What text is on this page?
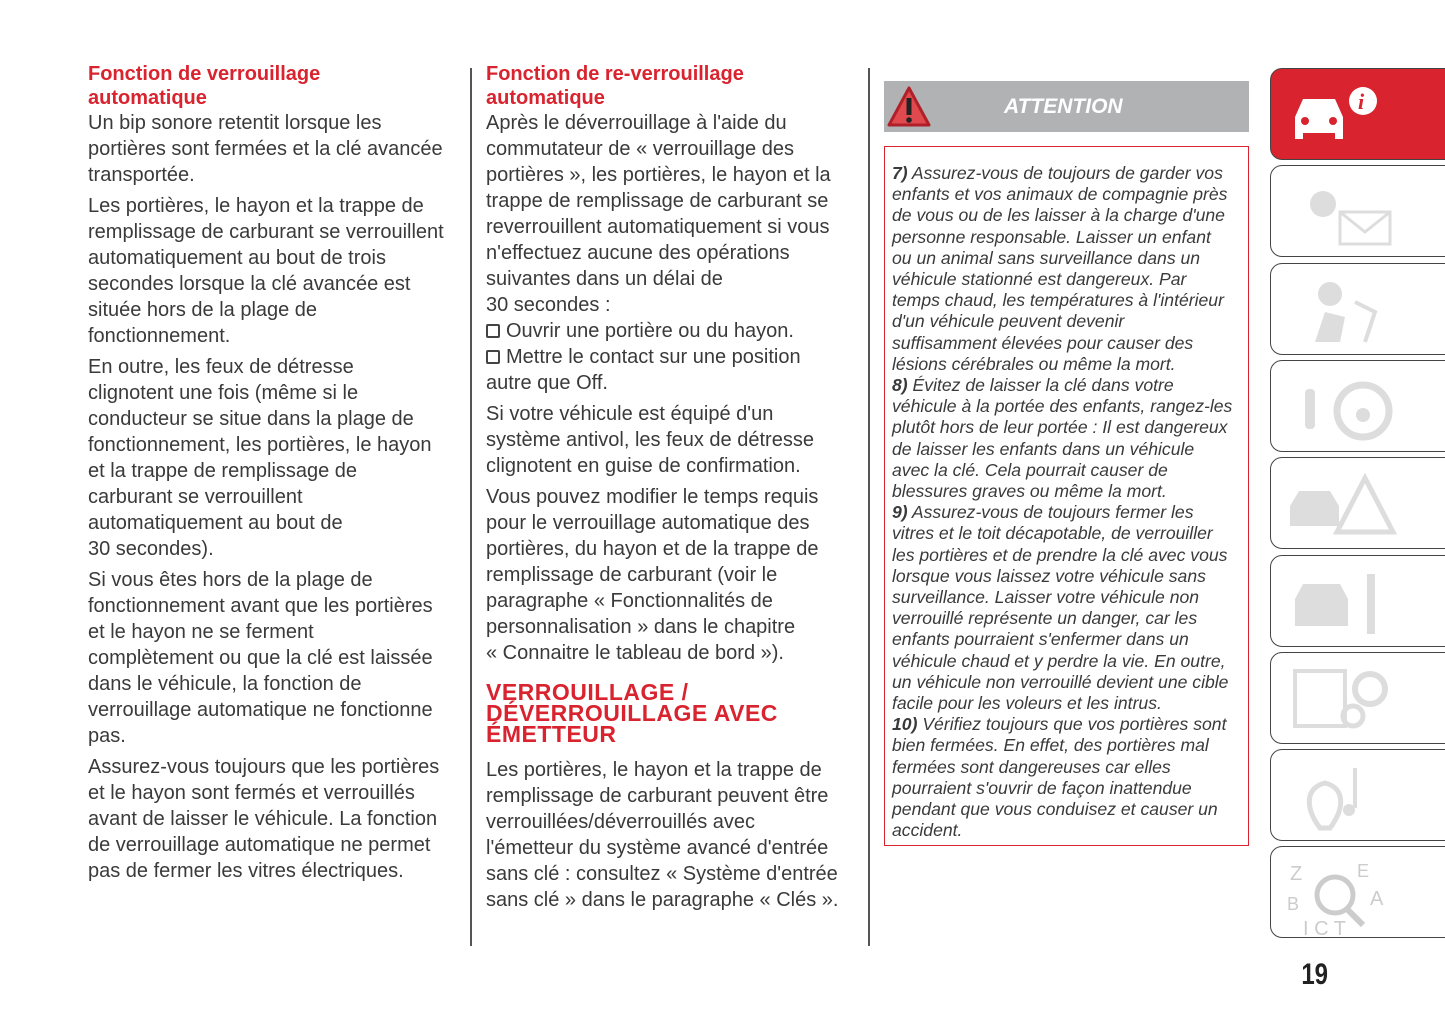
Fonction de verrouillage
automatique
Un bip sonore retentit lorsque les
portières sont fermées et la clé avancée
transportée.
Les portières, le hayon et la trappe de
remplissage de carburant se verrouillent
automatiquement au bout de trois
secondes lorsque la clé avancée est
située hors de la plage de
fonctionnement.
En outre, les feux de détresse
clignotent une fois (même si le
conducteur se situe dans la plage de
fonctionnement, les portières, le hayon
et la trappe de remplissage de
carburant se verrouillent
automatiquement au bout de
30 secondes).
Si vous êtes hors de la plage de
fonctionnement avant que les portières
et le hayon ne se ferment
complètement ou que la clé est laissée
dans le véhicule, la fonction de
verrouillage automatique ne fonctionne
pas.
Assurez-vous toujours que les portières
et le hayon sont fermés et verrouillés
avant de laisser le véhicule. La fonction
de verrouillage automatique ne permet
pas de fermer les vitres électriques.
Fonction de re-verrouillage
automatique
Après le déverrouillage à l'aide du
commutateur de « verrouillage des
portières », les portières, le hayon et la
trappe de remplissage de carburant se
reverrouillent automatiquement si vous
n'effectuez aucune des opérations
suivantes dans un délai de
30 secondes :
Ouvrir une portière ou du hayon.
Mettre le contact sur une position
autre que Off.
Si votre véhicule est équipé d'un
système antivol, les feux de détresse
clignotent en guise de confirmation.
Vous pouvez modifier le temps requis
pour le verrouillage automatique des
portières, du hayon et de la trappe de
remplissage de carburant (voir le
paragraphe « Fonctionnalités de
personnalisation » dans le chapitre
« Connaitre le tableau de bord »).
VERROUILLAGE /
DÉVERROUILLAGE AVEC
ÉMETTEUR
Les portières, le hayon et la trappe de
remplissage de carburant peuvent être
verrouillées/déverrouillés avec
l'émetteur du système avancé d'entrée
sans clé : consultez « Système d'entrée
sans clé » dans le paragraphe « Clés ».
ATTENTION
7) Assurez-vous de toujours de garder vos
enfants et vos animaux de compagnie près
de vous ou de les laisser à la charge d'une
personne responsable. Laisser un enfant
ou un animal sans surveillance dans un
véhicule stationné est dangereux. Par
temps chaud, les températures à l'intérieur
d'un véhicule peuvent devenir
suffisamment élevées pour causer des
lésions cérébrales ou même la mort.
8) Évitez de laisser la clé dans votre
véhicule à la portée des enfants, rangez-les
plutôt hors de leur portée : Il est dangereux
de laisser les enfants dans un véhicule
avec la clé. Cela pourrait causer de
blessures graves ou même la mort.
9) Assurez-vous de toujours fermer les
vitres et le toit décapotable, de verrouiller
les portières et de prendre la clé avec vous
lorsque vous laissez votre véhicule sans
surveillance. Laisser votre véhicule non
verrouillé représente un danger, car les
enfants pourraient s'enfermer dans un
véhicule chaud et y perdre la vie. En outre,
un véhicule non verrouillé devient une cible
facile pour les voleurs et les intrus.
10) Vérifiez toujours que vos portières sont
bien fermées. En effet, des portières mal
fermées sont dangereuses car elles
pourraient s'ouvrir de façon inattendue
pendant que vous conduisez et causer un
accident.
i
Z	E
B	A
I C T
19
